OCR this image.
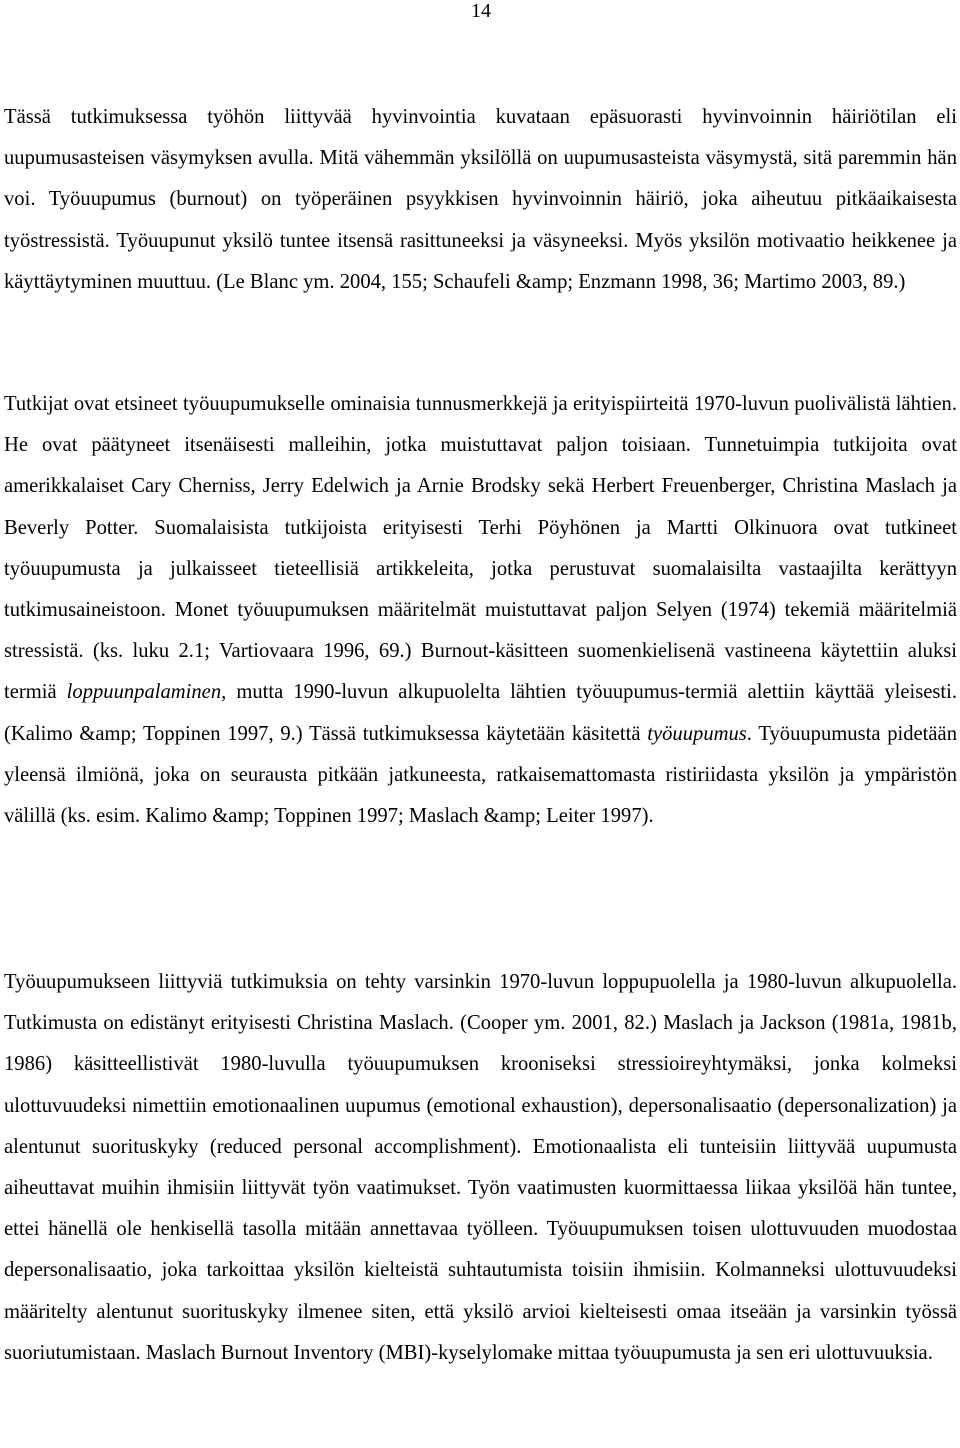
14

Tässä tutkimuksessa työhön liittyvää hyvinvointia kuvataan epäsuorasti hyvinvoinnin häiriötilan eli uupumusasteisen väsymyksen avulla. Mitä vähemmän yksilöllä on uupumusasteista väsymystä, sitä paremmin hän voi. Työuupumus (burnout) on työperäinen psyykkisen hyvinvoinnin häiriö, joka aiheutuu pitkäaikaisesta työstressistä. Työuupunut yksilö tuntee itsensä rasittuneeksi ja väsyneeksi. Myös yksilön motivaatio heikkenee ja käyttäytyminen muuttuu. (Le Blanc ym. 2004, 155; Schaufeli &amp; Enzmann 1998, 36; Martimo 2003, 89.)

Tutkijat ovat etsineet työuupumukselle ominaisia tunnusmerkkejä ja erityispiirteitä 1970-luvun puolivälistä lähtien. He ovat päätyneet itsenäisesti malleihin, jotka muistuttavat paljon toisiaan. Tunnetuimpia tutkijoita ovat amerikkalaiset Cary Cherniss, Jerry Edelwich ja Arnie Brodsky sekä Herbert Freuenberger, Christina Maslach ja Beverly Potter. Suomalaisista tutkijoista erityisesti Terhi Pöyhönen ja Martti Olkinuora ovat tutkineet työuupumusta ja julkaisseet tieteellisiä artikkeleita, jotka perustuvat suomalaisilta vastaajilta kerättyyn tutkimusaineistoon. Monet työuupumuksen määritelmät muistuttavat paljon Selyen (1974) tekemiä määritelmiä stressistä. (ks. luku 2.1; Vartiovaara 1996, 69.) Burnout-käsitteen suomenkielisenä vastineena käytettiin aluksi termiä loppuunpalaminen, mutta 1990-luvun alkupuolelta lähtien työuupumus-termiä alettiin käyttää yleisesti. (Kalimo &amp; Toppinen 1997, 9.) Tässä tutkimuksessa käytetään käsitettä työuupumus. Työuupumusta pidetään yleensä ilmiönä, joka on seurausta pitkään jatkuneesta, ratkaisemattomasta ristiriidasta yksilön ja ympäristön välillä (ks. esim. Kalimo &amp; Toppinen 1997; Maslach &amp; Leiter 1997).

Työuupumukseen liittyviä tutkimuksia on tehty varsinkin 1970-luvun loppupuolella ja 1980-luvun alkupuolella. Tutkimusta on edistänyt erityisesti Christina Maslach. (Cooper ym. 2001, 82.) Maslach ja Jackson (1981a, 1981b, 1986) käsitteellistivät 1980-luvulla työuupumuksen krooniseksi stressioireyhtymäksi, jonka kolmeksi ulottuvuudeksi nimettiin emotionaalinen uupumus (emotional exhaustion), depersonalisaatio (depersonalization) ja alentunut suorituskyky (reduced personal accomplishment). Emotionaalista eli tunteisiin liittyvää uupumusta aiheuttavat muihin ihmisiin liittyvät työn vaatimukset. Työn vaatimusten kuormittaessa liikaa yksilöä hän tuntee, ettei hänellä ole henkisellä tasolla mitään annettavaa työlleen. Työuupumuksen toisen ulottuvuuden muodostaa depersonalisaatio, joka tarkoittaa yksilön kielteistä suhtautumista toisiin ihmisiin. Kolmanneksi ulottuvuudeksi määritelty alentunut suorituskyky ilmenee siten, että yksilö arvioi kielteisesti omaa itseään ja varsinkin työssä suoriutumistaan. Maslach Burnout Inventory (MBI)-kyselylomake mittaa työuupumusta ja sen eri ulottuvuuksia.
